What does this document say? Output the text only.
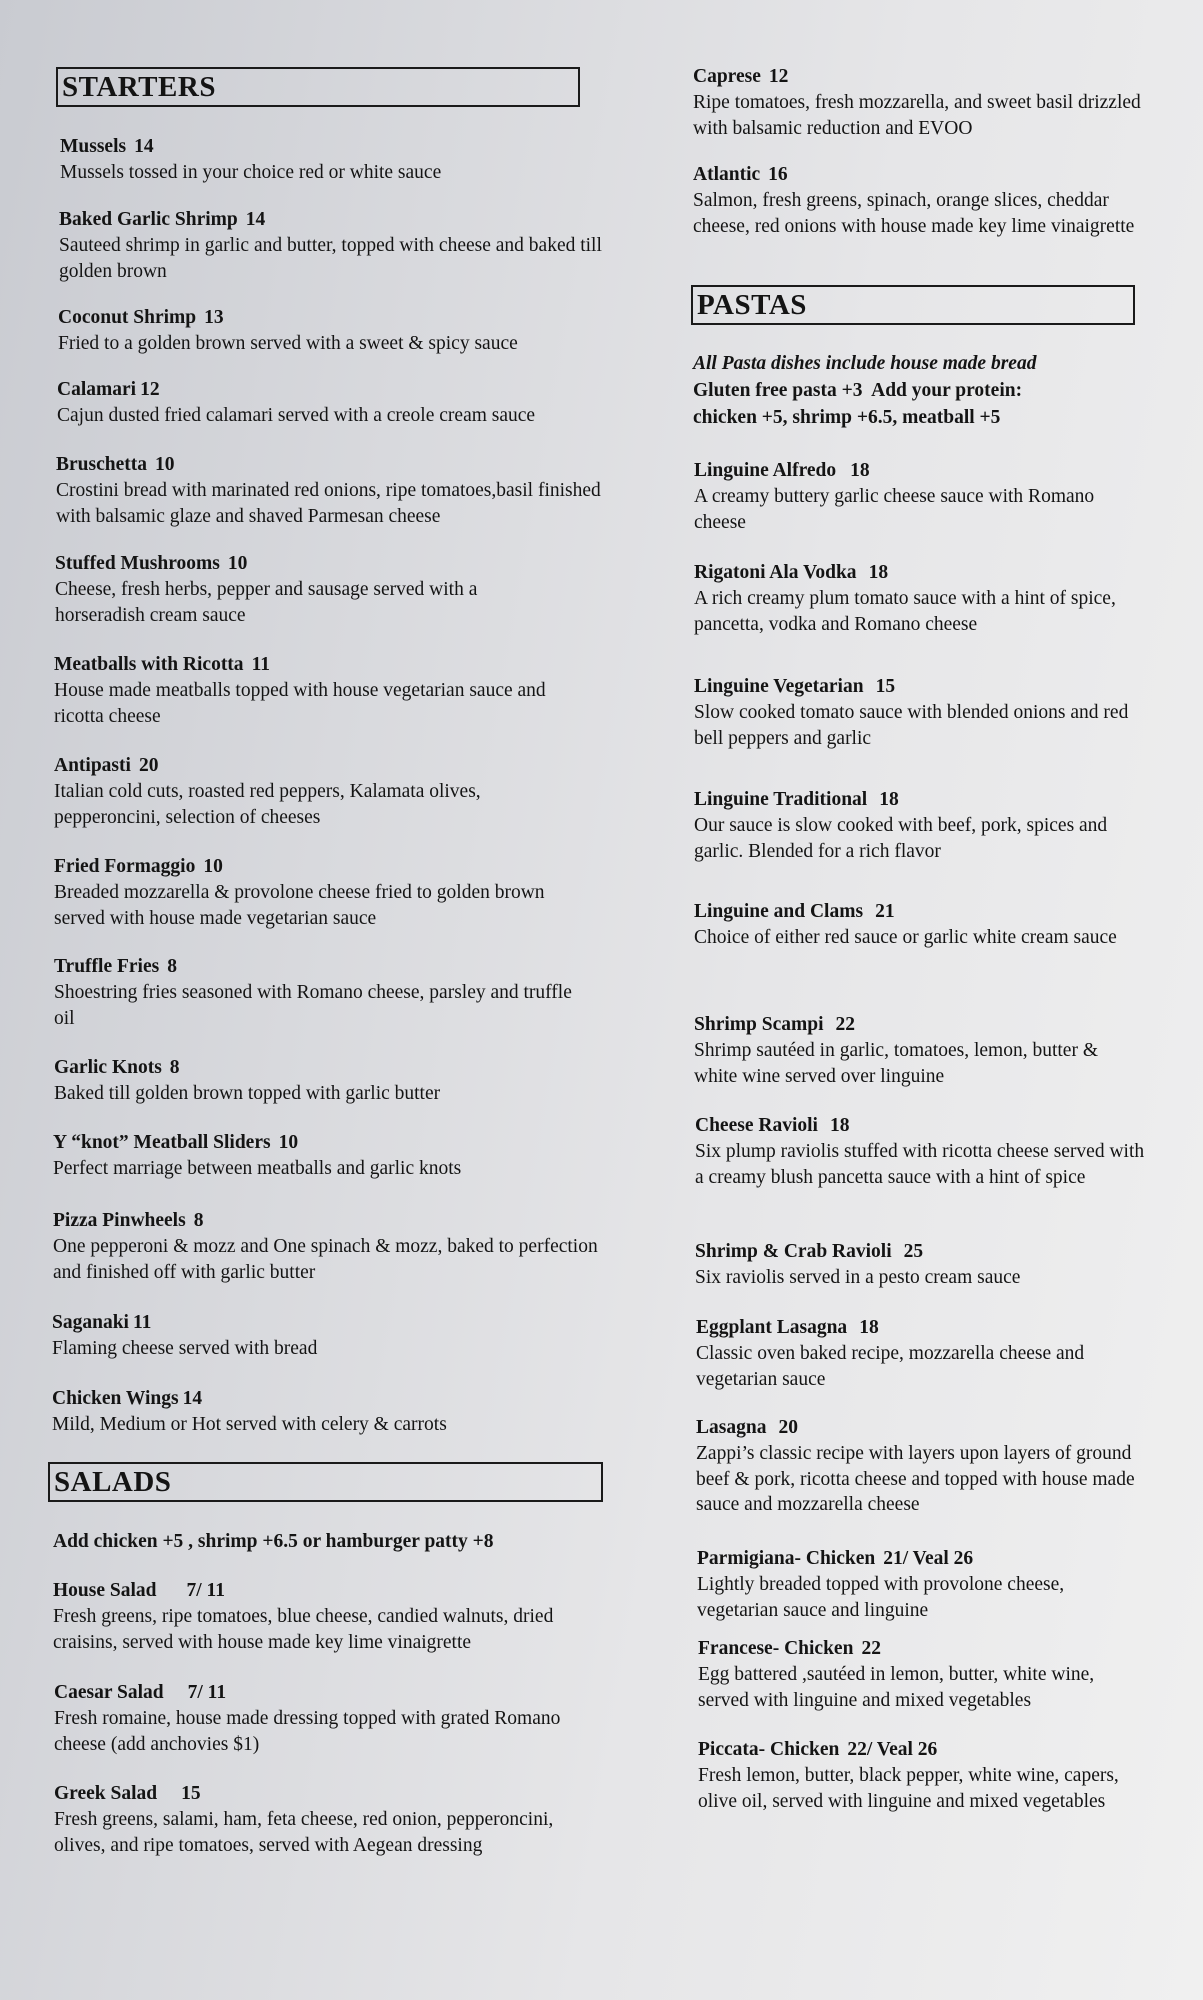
STARTERS
Mussels 14
Mussels tossed in your choice red or white sauce
Baked Garlic Shrimp 14
Sauteed shrimp in garlic and butter, topped with cheese and baked till golden brown
Coconut Shrimp 13
Fried to a golden brown served with a sweet & spicy sauce
Calamari 12
Cajun dusted fried calamari served with a creole cream sauce
Bruschetta 10
Crostini bread with marinated red onions, ripe tomatoes,basil finished with balsamic glaze and shaved Parmesan cheese
Stuffed Mushrooms 10
Cheese, fresh herbs, pepper and sausage served with a horseradish cream sauce
Meatballs with Ricotta 11
House made meatballs topped with house vegetarian sauce and ricotta cheese
Antipasti 20
Italian cold cuts, roasted red peppers, Kalamata olives, pepperoncini, selection of cheeses
Fried Formaggio 10
Breaded mozzarella & provolone cheese fried to golden brown served with house made vegetarian sauce
Truffle Fries 8
Shoestring fries seasoned with Romano cheese, parsley and truffle oil
Garlic Knots 8
Baked till golden brown topped with garlic butter
Y “knot” Meatball Sliders 10
Perfect marriage between meatballs and garlic knots
Pizza Pinwheels 8
One pepperoni & mozz and One spinach & mozz, baked to perfection and finished off with garlic butter
Saganaki 11
Flaming cheese served with bread
Chicken Wings 14
Mild, Medium or Hot served with celery & carrots
SALADS
Add chicken +5 , shrimp +6.5 or hamburger patty +8
House Salad 7/ 11
Fresh greens, ripe tomatoes, blue cheese, candied walnuts, dried craisins, served with house made key lime vinaigrette
Caesar Salad 7/ 11
Fresh romaine, house made dressing topped with grated Romano cheese (add anchovies $1)
Greek Salad 15
Fresh greens, salami, ham, feta cheese, red onion, pepperoncini, olives, and ripe tomatoes, served with Aegean dressing
Caprese 12
Ripe tomatoes, fresh mozzarella, and sweet basil drizzled with balsamic reduction and EVOO
Atlantic 16
Salmon, fresh greens, spinach, orange slices, cheddar cheese, red onions with house made key lime vinaigrette
PASTAS
All Pasta dishes include house made bread
Gluten free pasta +3  Add your protein:
chicken +5, shrimp +6.5, meatball +5
Linguine Alfredo 18
A creamy buttery garlic cheese sauce with Romano cheese
Rigatoni Ala Vodka 18
A rich creamy plum tomato sauce with a hint of spice, pancetta, vodka and Romano cheese
Linguine Vegetarian 15
Slow cooked tomato sauce with blended onions and red bell peppers and garlic
Linguine Traditional 18
Our sauce is slow cooked with beef, pork, spices and garlic. Blended for a rich flavor
Linguine and Clams 21
Choice of either red sauce or garlic white cream sauce
Shrimp Scampi 22
Shrimp sautéed in garlic, tomatoes, lemon, butter & white wine served over linguine
Cheese Ravioli 18
Six plump raviolis stuffed with ricotta cheese served with a creamy blush pancetta sauce with a hint of spice
Shrimp & Crab Ravioli 25
Six raviolis served in a pesto cream sauce
Eggplant Lasagna 18
Classic oven baked recipe, mozzarella cheese and vegetarian sauce
Lasagna 20
Zappi’s classic recipe with layers upon layers of ground beef & pork, ricotta cheese and topped with house made sauce and mozzarella cheese
Parmigiana- Chicken 21/ Veal 26
Lightly breaded topped with provolone cheese, vegetarian sauce and linguine
Francese- Chicken 22
Egg battered ,sautéed in lemon, butter, white wine, served with linguine and mixed vegetables
Piccata- Chicken 22/ Veal 26
Fresh lemon, butter, black pepper, white wine, capers, olive oil, served with linguine and mixed vegetables
